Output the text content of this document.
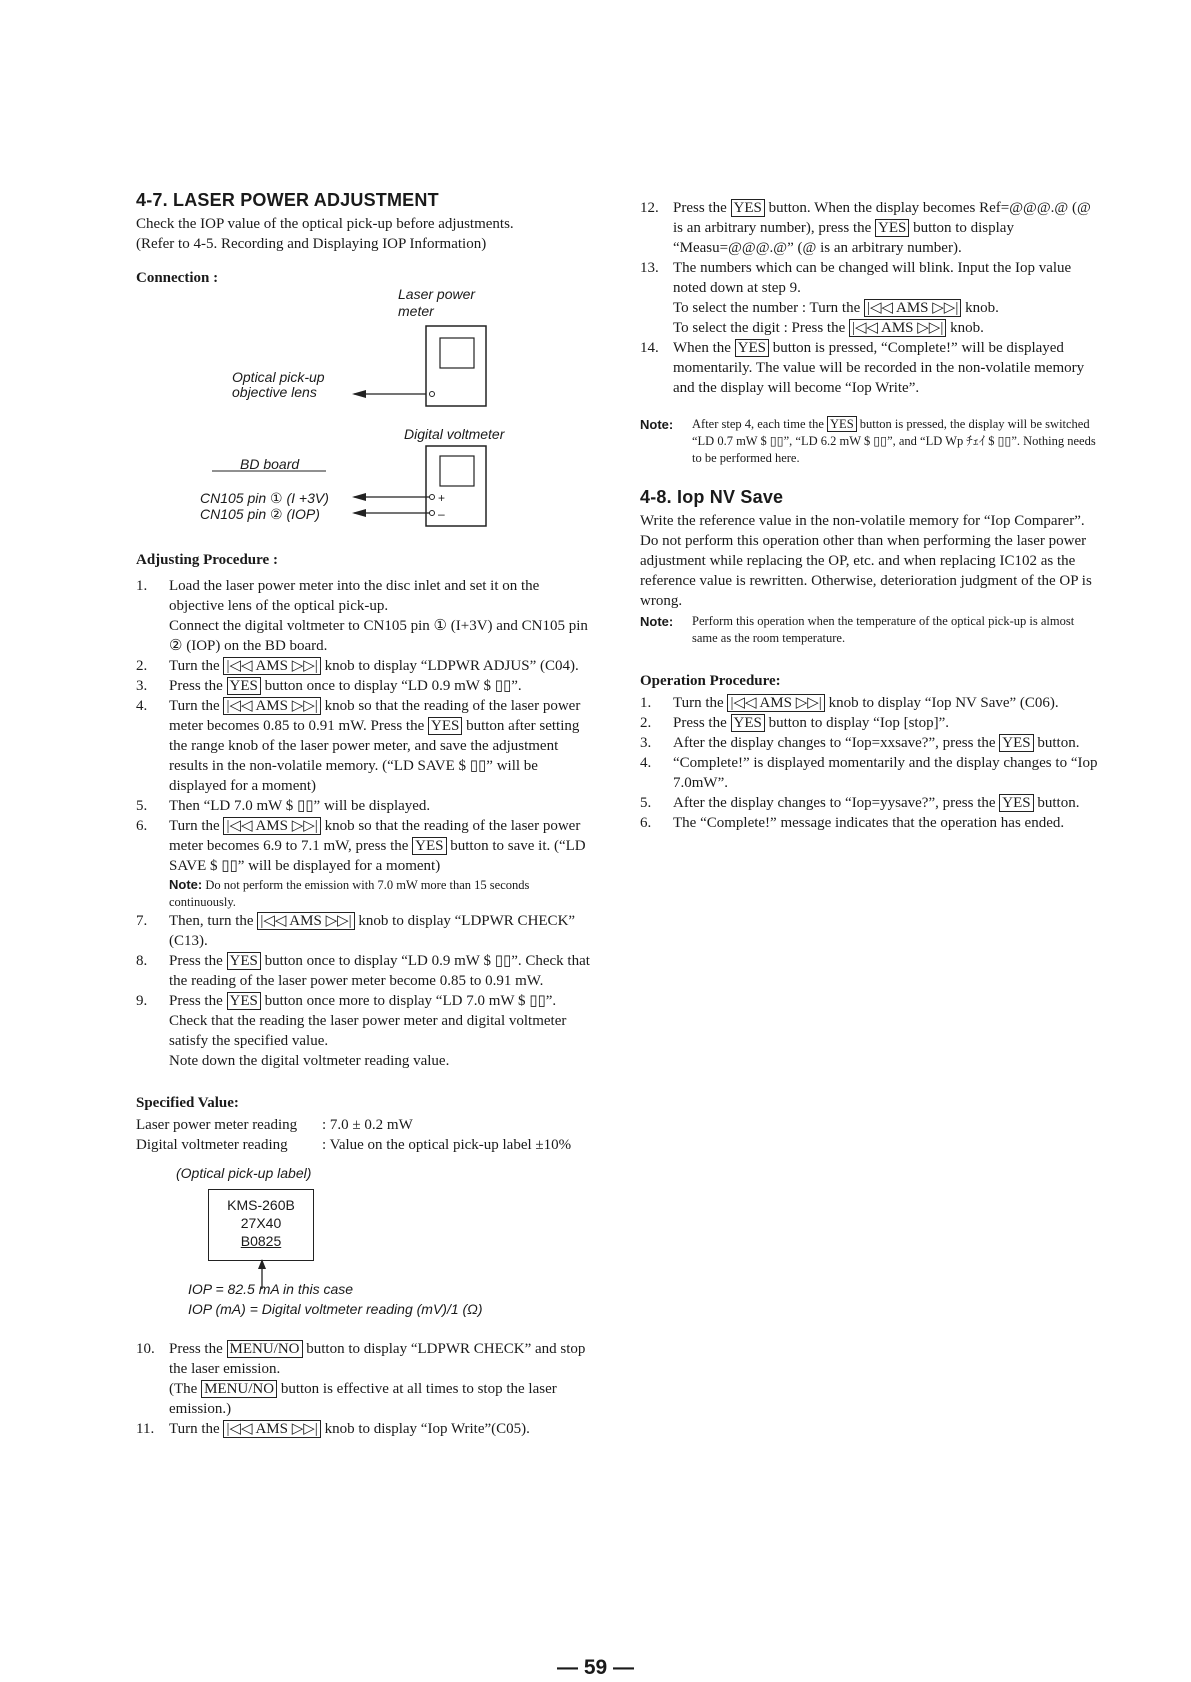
4-7. LASER POWER ADJUSTMENT

Check the IOP value of the optical pick-up before adjustments.

(Refer to 4-5. Recording and Displaying IOP Information)

Connection :

Laser power meter
Optical pick-up objective lens
Digital voltmeter
BD board
CN105 pin ① (I +3V)
CN105 pin ② (IOP)
+
–

Adjusting Procedure :

1. Load the laser power meter into the disc inlet and set it on the objective lens of the optical pick-up.

Connect the digital voltmeter to CN105 pin ① (I+3V) and CN105 pin ② (IOP) on the BD board.

2. Turn the |◁◁ AMS ▷▷| knob to display “LDPWR ADJUS” (C04).
3. Press the YES button once to display “LD 0.9 mW $ ▯▯”.
4. Turn the |◁◁ AMS ▷▷| knob so that the reading of the laser power meter becomes 0.85 to 0.91 mW. Press the YES button after setting the range knob of the laser power meter, and save the adjustment results in the non-volatile memory. (“LD SAVE $ ▯▯” will be displayed for a moment)
5. Then “LD 7.0 mW $ ▯▯” will be displayed.
6. Turn the |◁◁ AMS ▷▷| knob so that the reading of the laser power meter becomes 6.9 to 7.1 mW, press the YES button to save it. (“LD SAVE $ ▯▯” will be displayed for a moment)

Note: Do not perform the emission with 7.0 mW more than 15 seconds continuously.

7. Then, turn the |◁◁ AMS ▷▷| knob to display “LDPWR CHECK” (C13).
8. Press the YES button once to display “LD 0.9 mW $ ▯▯”. Check that the reading of the laser power meter become 0.85 to 0.91 mW.
9. Press the YES button once more to display “LD 7.0 mW $ ▯▯”. Check that the reading the laser power meter and digital voltmeter satisfy the specified value.

Note down the digital voltmeter reading value.

Specified Value:

Laser power meter reading	: 7.0 ± 0.2 mW
Digital voltmeter reading	: Value on the optical pick-up label ±10%

(Optical pick-up label)

KMS-260B
27X40
B0825

IOP = 82.5 mA in this case

IOP (mA) = Digital voltmeter reading (mV)/1 (Ω)

10. Press the MENU/NO button to display “LDPWR CHECK” and stop the laser emission.

(The MENU/NO button is effective at all times to stop the laser emission.)

11. Turn the |◁◁ AMS ▷▷| knob to display “Iop Write”(C05).
12. Press the YES button. When the display becomes Ref=@@@.@ (@ is an arbitrary number), press the YES button to display “Measu=@@@.@” (@ is an arbitrary number).
13. The numbers which can be changed will blink. Input the Iop value noted down at step 9.

To select the number : Turn the |◁◁ AMS ▷▷| knob.

To select the digit : Press the |◁◁ AMS ▷▷| knob.

14. When the YES button is pressed, “Complete!” will be displayed momentarily. The value will be recorded in the non-volatile memory and the display will become “Iop Write”.
Note: After step 4, each time the YES button is pressed, the display will be switched “LD 0.7 mW $ ▯▯”, “LD 6.2 mW $ ▯▯”, and “LD Wp ﾁｪｲ $ ▯▯”. Nothing needs to be performed here.
4-8. Iop NV Save

Write the reference value in the non-volatile memory for “Iop Comparer”. Do not perform this operation other than when performing the laser power adjustment while replacing the OP, etc. and when replacing IC102 as the reference value is rewritten. Otherwise, deterioration judgment of the OP is wrong.

Note: Perform this operation when the temperature of the optical pick-up is almost same as the room temperature.

Operation Procedure:

1. Turn the |◁◁ AMS ▷▷| knob to display “Iop NV Save” (C06).
2. Press the YES button to display “Iop [stop]”.
3. After the display changes to “Iop=xxsave?”, press the YES button.
4. “Complete!” is displayed momentarily and the display changes to “Iop 7.0mW”.
5. After the display changes to “Iop=yysave?”, press the YES button.
6. The “Complete!” message indicates that the operation has ended.
— 59 —
